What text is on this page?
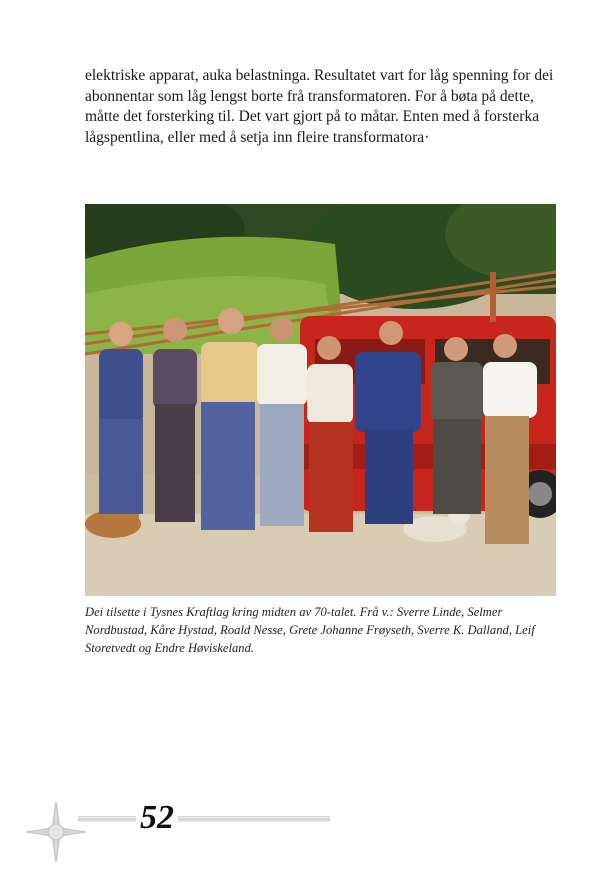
elektriske apparat, auka belastninga. Resultatet vart for låg spenning for dei abonnentar som låg lengst borte frå transformatoren. For å bøta på dette, måtte det forsterking til. Det vart gjort på to måtar. Enten med å forsterka lågspentlina, eller med å setja inn fleire transformatora·

Dei tilsette i Tysnes Kraftlag kring midten av 70-talet. Frå v.: Sverre Linde, Selmer Nordbustad, Kåre Hystad, Roald Nesse, Grete Johanne Frøyseth, Sverre K. Dalland, Leif Storetvedt og Endre Høviskeland.

52
